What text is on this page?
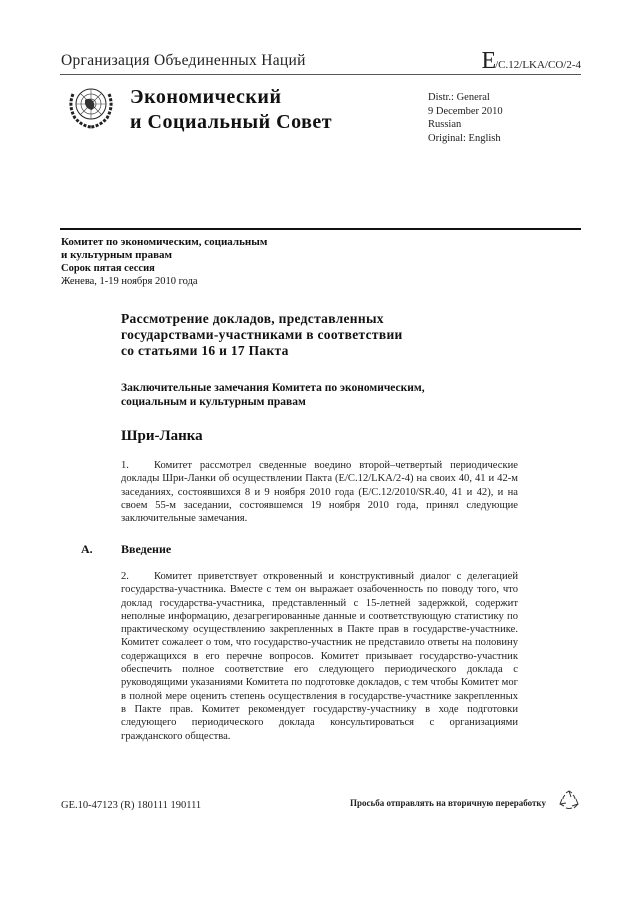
Организация Объединенных Наций	E/C.12/LKA/CO/2-4
Экономический
и Социальный Совет
Distr.: General
9 December 2010
Russian
Original: English
Комитет по экономическим, социальным
и культурным правам
Сорок пятая сессия
Женева, 1-19 ноября 2010 года
Рассмотрение докладов, представленных
государствами-участниками в соответствии
со статьями 16 и 17 Пакта
Заключительные замечания Комитета по экономическим,
социальным и культурным правам
Шри-Ланка
1. Комитет рассмотрел сведенные воедино второй–четвертый периодические доклады Шри-Ланки об осуществлении Пакта (E/C.12/LKA/2-4) на своих 40, 41 и 42-м заседаниях, состоявшихся 8 и 9 ноября 2010 года (E/C.12/2010/SR.40, 41 и 42), и на своем 55-м заседании, состоявшемся 19 ноября 2010 года, принял следующие заключительные замечания.
A. Введение
2. Комитет приветствует откровенный и конструктивный диалог с делегацией государства-участника. Вместе с тем он выражает озабоченность по поводу того, что доклад государства-участника, представленный с 15-летней задержкой, содержит неполные информацию, дезагрегированные данные и соответствующую статистику по практическому осуществлению закрепленных в Пакте прав в государстве-участнике. Комитет сожалеет о том, что государство-участник не представило ответы на половину содержащихся в его перечне вопросов. Комитет призывает государство-участник обеспечить полное соответствие его следующего периодического доклада с руководящими указаниями Комитета по подготовке докладов, с тем чтобы Комитет мог в полной мере оценить степень осуществления в государстве-участнике закрепленных в Пакте прав. Комитет рекомендует государству-участнику в ходе подготовки следующего периодического доклада консультироваться с организациями гражданского общества.
GE.10-47123 (R) 180111 190111	Просьба отправлять на вторичную переработку
